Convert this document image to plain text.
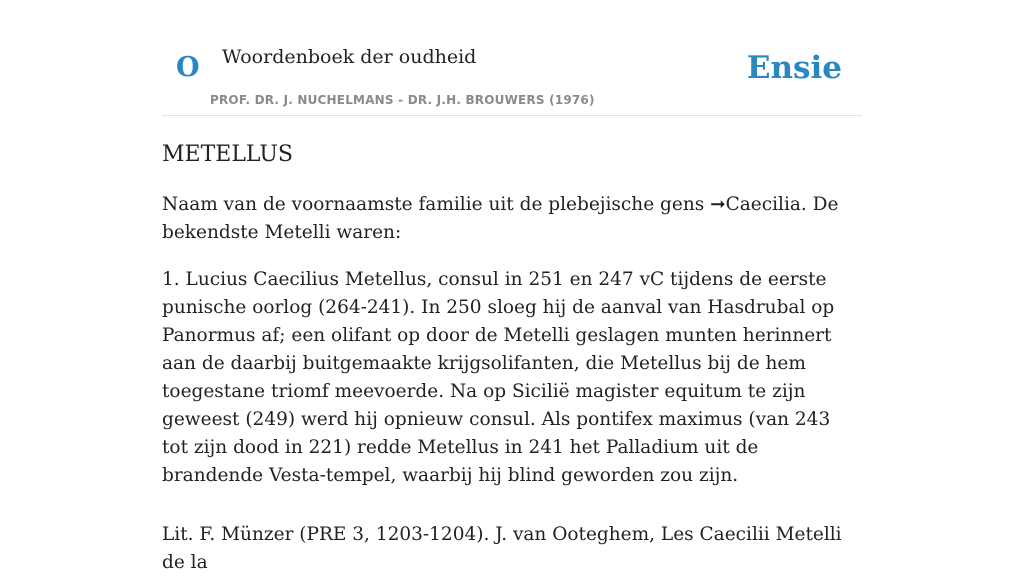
O Woordenboek der oudheid
PROF. DR. J. NUCHELMANS - DR. J.H. BROUWERS (1976)
Ensie
METELLUS

Naam van de voornaamste familie uit de plebejische gens ➞Caecilia. De bekendste Metelli waren:

1. Lucius Caecilius Metellus, consul in 251 en 247 vC tijdens de eerste punische oorlog (264-241). In 250 sloeg hij de aanval van Hasdrubal op Panormus af; een olifant op door de Metelli geslagen munten herinnert aan de daarbij buitgemaakte krijgsolifanten, die Metellus bij de hem toegestane triomf meevoerde. Na op Sicilië magister equitum te zijn geweest (249) werd hij opnieuw consul. Als pontifex maximus (van 243 tot zijn dood in 221) redde Metellus in 241 het Palladium uit de brandende Vesta-tempel, waarbij hij blind geworden zou zijn.

Lit. F. Münzer (PRE 3, 1203-1204). J. van Ooteghem, Les Caecilii Metelli de la
